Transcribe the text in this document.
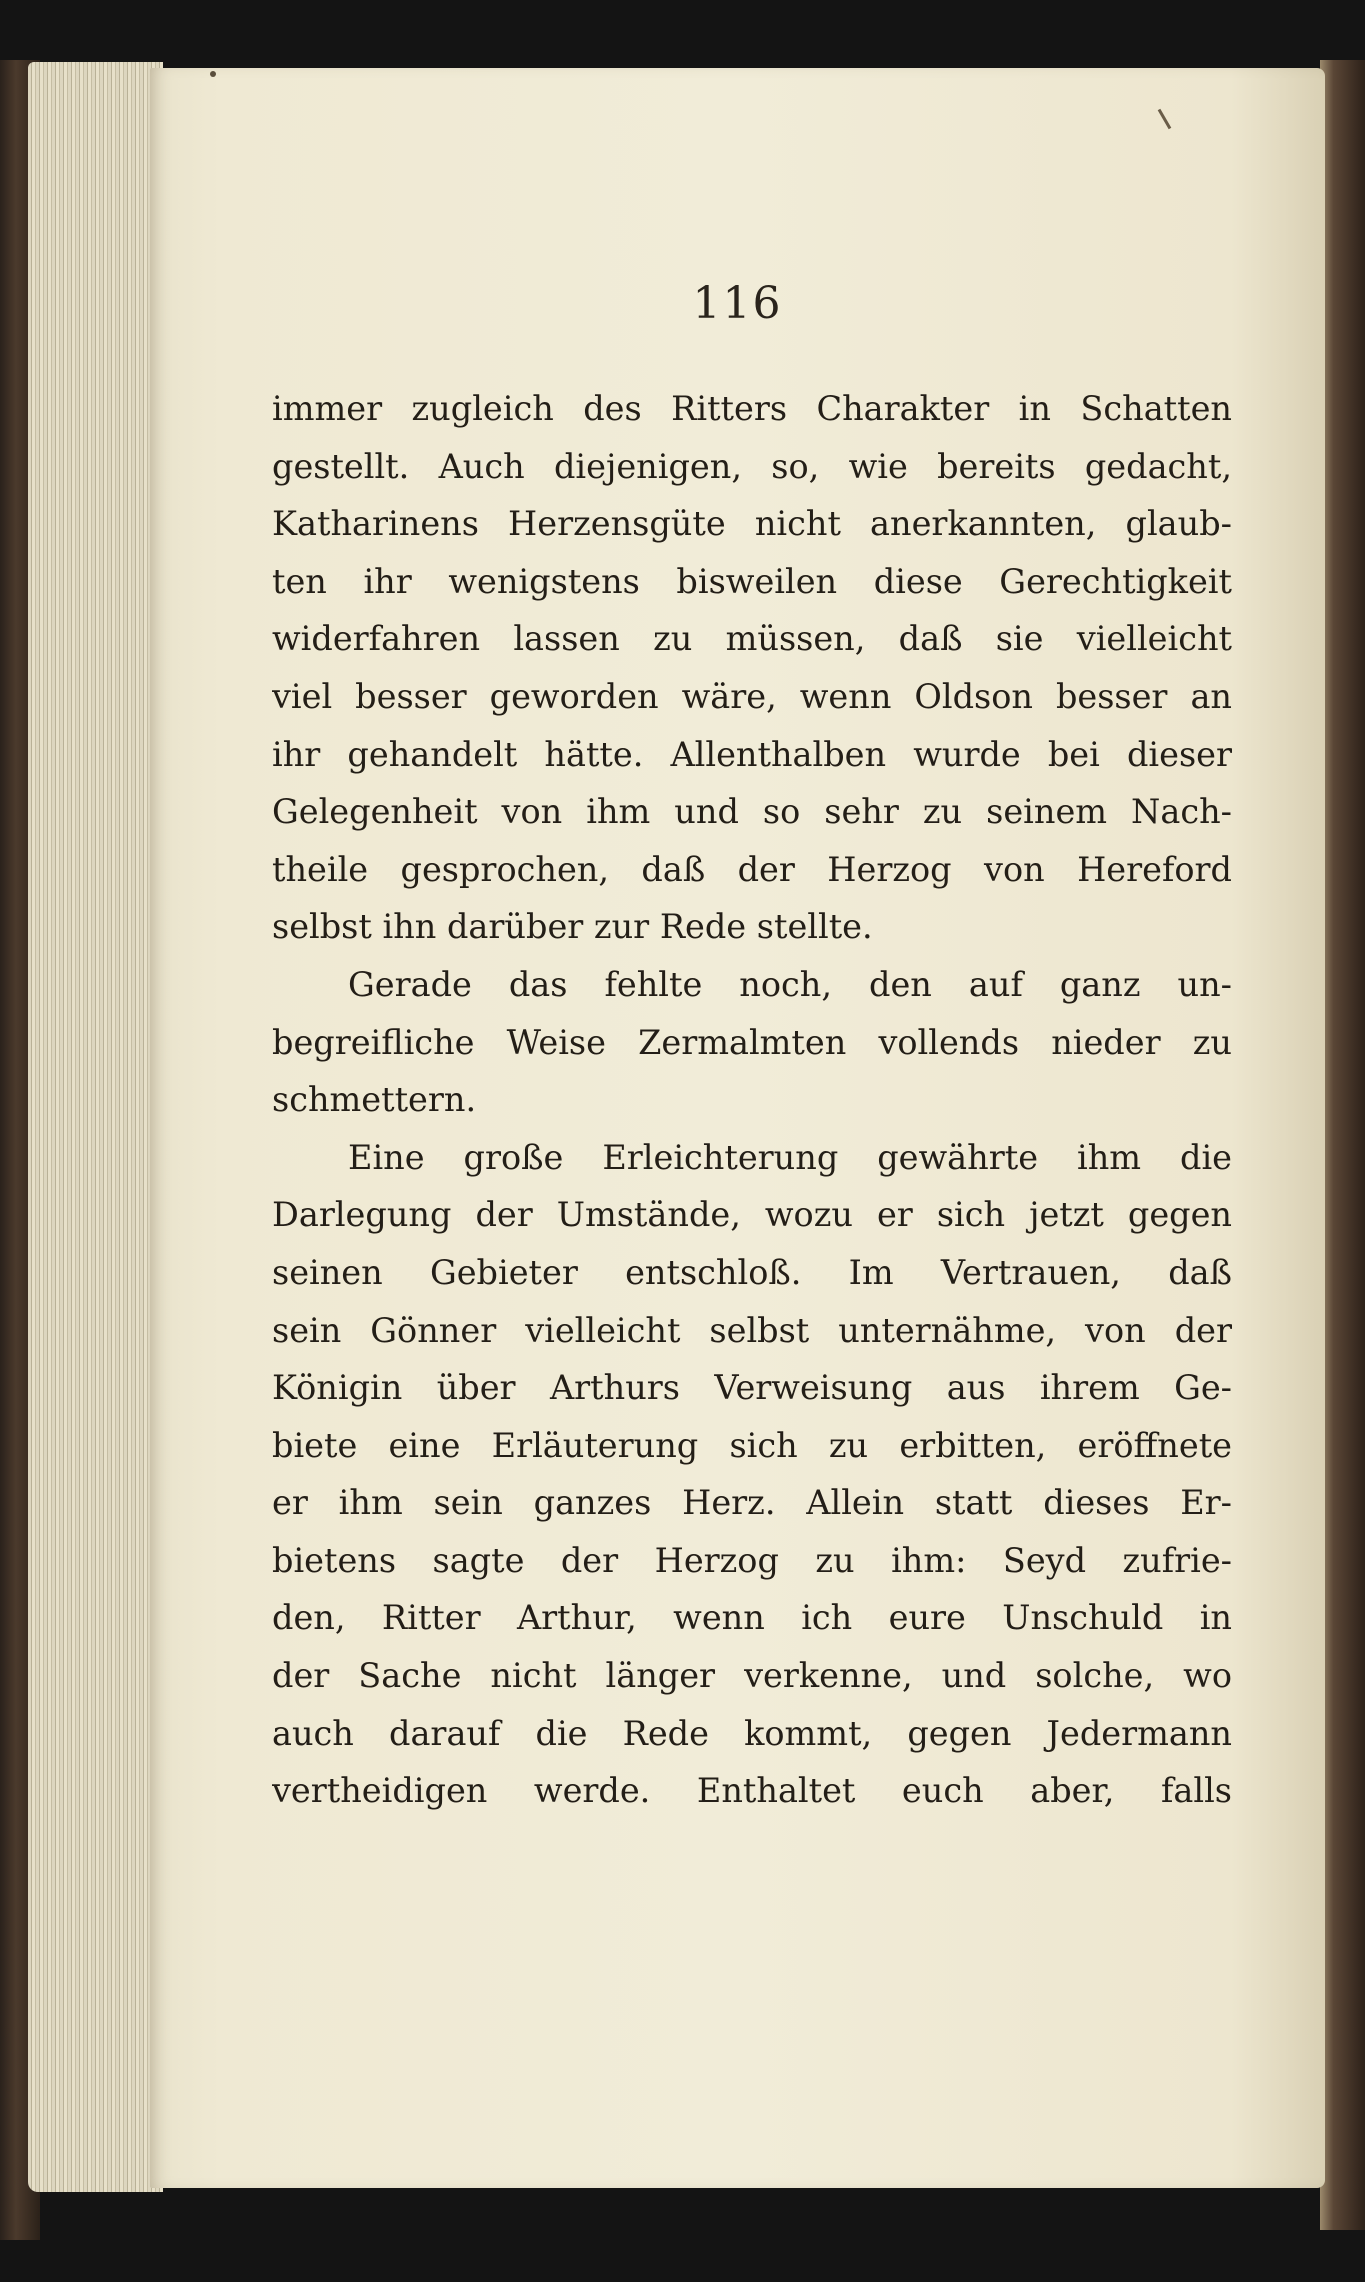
116
immer zugleich des Ritters Charakter in Schatten
gestellt. Auch diejenigen, so, wie bereits gedacht,
Katharinens Herzensgüte nicht anerkannten, glaub-
ten ihr wenigstens bisweilen diese Gerechtigkeit
widerfahren lassen zu müssen, daß sie vielleicht
viel besser geworden wäre, wenn Oldson besser an
ihr gehandelt hätte. Allenthalben wurde bei dieser
Gelegenheit von ihm und so sehr zu seinem Nach-
theile gesprochen, daß der Herzog von Hereford
selbst ihn darüber zur Rede stellte.
Gerade das fehlte noch, den auf ganz un-
begreifliche Weise Zermalmten vollends nieder zu
schmettern.
Eine große Erleichterung gewährte ihm die
Darlegung der Umstände, wozu er sich jetzt gegen
seinen Gebieter entschloß. Im Vertrauen, daß
sein Gönner vielleicht selbst unternähme, von der
Königin über Arthurs Verweisung aus ihrem Ge-
biete eine Erläuterung sich zu erbitten, eröffnete
er ihm sein ganzes Herz. Allein statt dieses Er-
bietens sagte der Herzog zu ihm: Seyd zufrie-
den, Ritter Arthur, wenn ich eure Unschuld in
der Sache nicht länger verkenne, und solche, wo
auch darauf die Rede kommt, gegen Jedermann
vertheidigen werde. Enthaltet euch aber, falls
